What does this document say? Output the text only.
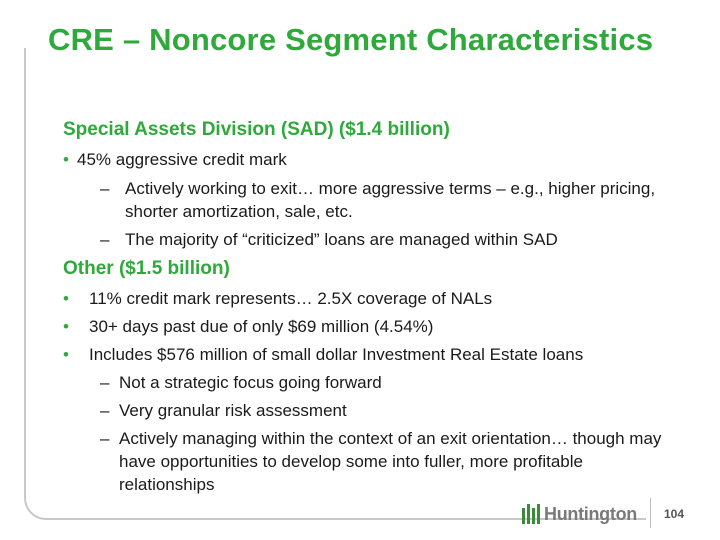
CRE – Noncore Segment Characteristics

Special Assets Division (SAD) ($1.4 billion)

• 45% aggressive credit mark

– Actively working to exit… more aggressive terms – e.g., higher pricing,

shorter amortization, sale, etc.

– The majority of “criticized” loans are managed within SAD

Other ($1.5 billion)

• 11% credit mark represents… 2.5X coverage of NALs

• 30+ days past due of only $69 million (4.54%)

• Includes $576 million of small dollar Investment Real Estate loans

– Not a strategic focus going forward

– Very granular risk assessment

– Actively managing within the context of an exit orientation… though may

have opportunities to develop some into fuller, more profitable

relationships

Huntington 104
